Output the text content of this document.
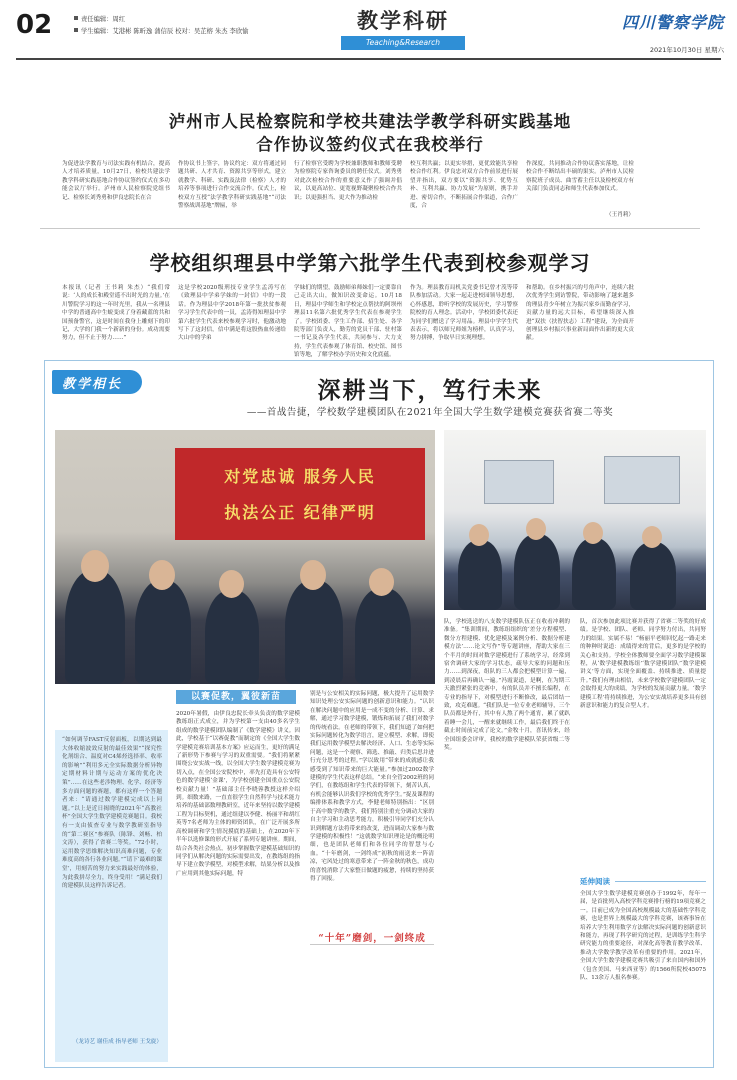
02	责任编辑：周红
学生编辑：艾港彬 陈昕逸 蒲信辰 校对：吴芷榕 朱杰 李欣愉	教学科研
Teaching&Research
四川警察学院
2021年10月30日 星期六
泸州市人民检察院和学校共建法学教学科研实践基地
合作协议签约仪式在我校举行
为促进法学教育与司法实践有机结合，提高人才培养质量，10月27日，检校共建法学教学科研实践基地合作协议签约仪式在多功能会议厅举行。泸州市人民检察院党组书记、检察长刘秀勇和伊良忠院长在合
作协议书上签字，协议约定：双方将通过同题共研、人才共育、资源共享等形式，建立就教学、科研、实践及法律（检察）人才的培养等事项进行合作交流合作。仪式上，检校双方互授“法学教学科研实践基地”“司法警察战训基地”牌匾，举
行了检察官受聘为学校兼职教师和教师受聘为检察院专家咨询委员的聘任仪式。刘秀勇对此次检校合作的重要意义作了强调并倡议，以更高站位、更宽视野凝聚检校合作共识；以更强担当、更大作为推动检
校互利共赢；以更实举措，更优效能共享检校合作红利。伊良忠对双方合作前景进行展望并指出，双方要以“资源共享、优势互补、互利共赢、协力发展”为原则，携手并进、密切合作，不断拓展合作渠道，合作广度，合
作深度，共同推动合作协议落实落地，让检校合作不断结出丰硕的果实。泸州市人民检察院班子成员、曲雪蓄主任以及检校双方有关部门负责同志和师生代表参加仪式。
（王肖莉）
学校组织理县中学第六批学生代表到校参观学习
本报讯（记者 王书莉 朱杰）“我们常说：‘人的成长和殿堂遥不出时光的力量。’在川警院学习的这一年时光里，我从一名理县中学的普通高中生蜕变成了身着藏蓝的共和国预备警官，这是时间在我身上雕刻下的印记，大学的门我一个新新的身份。成功需要努力，但不止于努力……”
这是学校2020级刑技专业学生孟涛写在《致理县中学弟学妹的一封信》中的一段话。作为理县中学2018年第一批扶贫参观学习学生代表中的一员，孟涛得知理县中学第六批学生代表来校参观学习时，他激动地写下了这封信，信中满是将这股热血传递给大山中的学弟
学妹们的期望，鼓励师弟师妹们一定要靠自己走出大山，做知识改变命运。10月18日，理县中学师生和学校定点帮扶的阿坝州理县11名第六批优秀学生代表在参观学生了。学校团委、学生工作部、招生处、各学院等部门负责人，勤劳的党员干部、驻村第一书记及各学生代表，共同参与、大力支持，学生代表参观了体育馆、校史馆、图书馆等地，了解学校办学历史和文化底蕴。
作为。理县教育局机关党委书记曾才茂等带队参加活动。大家一起走进校园领导思想，心怀感恩，聆听学校的发展历史，学习警察院校的育人理念。活动中，学校团委代表还为同学们赠送了学习用品。理县中学学生代表表示，将以师兄师姐为榜样，认真学习，努力拼搏，争取早日实现理想。
和帮助。在乡村振兴的号角声中，连续六批次优秀学生到访警院，带动影响了越来越多的理县青少年树立为振兴家乡而勤奋学习，贡献力量的远大目标，希望继续深入推进“双扶（扶智扶志）工程”建设，为全面开创理县乡村振兴事业新局面作出新的更大贡献。
教学相长	深耕当下，笃行未来
——首战告捷，学校数学建模团队在2021年全国大学生数学建模竞赛获省赛二等奖
对党忠诚 服务人民
执法公正 纪律严明
队，学校选送的八支数学建模队伍正在收看冲刺的准备。“集训期间，教练组组织的‘差分方程模型、微分方程建模、优化建模及案例分析、数据分析建模方法’……论文写作”等专题讲座，帮助大家在三个半月的时间对数学建模进行了系统学习，经常到宿舍调研大家的学习状态，疏导大家的问题和压力……到深夜，组队的三人都会把模型计算一遍，到凌晨后再确认一遍。”冯霞说道，是啊，在为期三天激烈紧张的竞赛中，有的队员并不擅长编程，在专业的指导下，对模型进行不断修改，最后团结一致，攻克难题。“我们队是一位专业老师辅导，三个队员都是外行，其中有人熬了两个通宵，累了就趴着睡一会儿，一醒来就继续工作，最后我们终于在截止时间前完成了论文。”金牧十月，喜讯传来，经全国组委会评审，我校的数学建模队荣获省级二等奖。
队，首次参加此项比赛并获得了省赛二等奖的好成绩。是学校、团队、老师、同学努力付出，共同努力的结果。实属不易！“杨丽平老师回忆起一路走来的种种时说道：成绩得来的背后，更多的是学校的关心和支持。学校全体教师要全面学习数学建模课程，从‘数学建模教练组’‘数学建模团队’‘数学建模讲义’等方面，实现全面覆盖、持续推进、质量提升。”我们有理由相信，未来学校数学建模团队一定会取得更大的成绩，为学校的发展贡献力量。‘数学建模工程’将持续推进，为公安实战培养更多具有创新意识和能力的复合型人才。
延伸阅读
全国大学生数学建模竞赛创办于1992年，每年一届，是首批列入高校学科竞赛排行榜的19项竞赛之一。目前已成为全国高校规模最大的基础性学科竞赛，也是世界上规模最大的学科竞赛，该赛事旨在培养大学生利用数学方法解决实际问题的创新意识和能力，再现了科学研究的过程，是训练学生科学研究能力的重要途径，对深化高等教育教学改革、推动大学数学教学改革有重要的作用。2021年，全国大学生数学建模竞赛共吸引了来自国内和国外（包含美国、马来西亚等）的1566所院校45075队、13余万人报名参赛。
以赛促教，翼彼新苗
“如何调节FAST反射面板，以期达到最大体收缩波效反射的最佳效果”“探究性化剂组合、温度对C4烯烃选择率、收率的影响”“利用多元全实际数据分析异物定期材料计期与运动方案的优化决策”……在这些老涉物理、化学、经济等多方面问题的赛题，都有这样一个答题者来：“请通过数学建模完成以上问题。”以上是近日揭晓的2021年“高教社杯”全国大学生数学建模竞赛题目。我校有一支由侦查专业与数学教研室指导的“第二赛区”参赛队（陈锋、刘畅、柏文涛），获得了省赛二等奖。“72小时，运用数学思维解决知识高难问题，专业难度高的各行各业问题。”“请下‘最难的课堂’，用刻苦的努力来实践最好的体验，为此我拼尽全力，终身受用！”满足我们的建模队员这样告诉记者。
（龙诗艺 谢佳成 指导老师 王戈旋）
2020年暑假，由伊良忠院长牵头负责的数学建模教练组正式成立，并为学校第一支由40多名学生组成的数学建模团队编制了《数学建模》讲义。因此，学校基于“以赛促教”而制定的《全国大学生数学建模竞赛培训基本方案》应运而生，更好的满足了新形势下参赛与学习的双重需要。“我们将紧紧围绕公安实战一线，以全国大学生数学建模竞赛为切入点，在全国公安院校中，率先打造具有公安特色的数学建模‘金课’，为学校创建全国重点公安院校贡献力量！”基础部主任李晓蓉教授这样介绍到。细数来路，一直直很学生自然科学与技术能力培养的基础部数理教研室，近年来坚持以数学建模工程为目标契机，通过组建以李健、杨丽平和胡红英等7名老师为主体的师资团队，在广泛开展多所高校调研和学生情况摸底的基础上，在2020年下半年以选修课的形式开展了系列专题讲座。期间，结合各类社会热点，初步掌握数学建模基础知识的同学们从解决问题的实际需要出发，在教练组的指导下建立数学模型，对模型求解，结果分析以及推广应用到其他实际问题，特
别是与公安相关的实际问题，极大提升了运用数学知识处理公安实际问题的创新意识和能力。“认识在解决问题中的应用是一成不变的分析、计算、求解，通过学习数学建模，锻炼和拓展了我们对数学的传统看法。在老师的带领下，我们知道了如何把实际问题转化为数学语言，建立模型、求解，即使我们运用数学模型去解决经济、人口、生态等实际问题，这是一个观察、筛选、推敲、归类后思并进行充分思考的过程。”学以致用“带来的成就感让我感受到了知识带来的巨大能量。”参加过2002数学建模的学生代表这样总结。“来自全管2002班的同学们，在教练组和学生代表的带领下，刻苦认真，有机会能够认识我们学校的优秀学生。”捉及课程的编排体系和教学方式，李健老师特别指出：“区别于高中数学的教学，我们特别注重充分调动大家的自主学习和主动思考能力，积极引导同学们充分认识到解题方法将带来的改变，进而调动大家参与数学建模的积极性！”这就数学知识理论是的概论明细，也是团队老师们和各位同学的智慧与心血。“十年磨剑，一剑终成”初秋的雨送来一阵清凉，宅风处过的寒意带来了一阵金秋的秋色，成功的喜悦消除了大家整日做题的疲惫，持续的坚持获得了回报。
“十年”磨剑，一剑终成
